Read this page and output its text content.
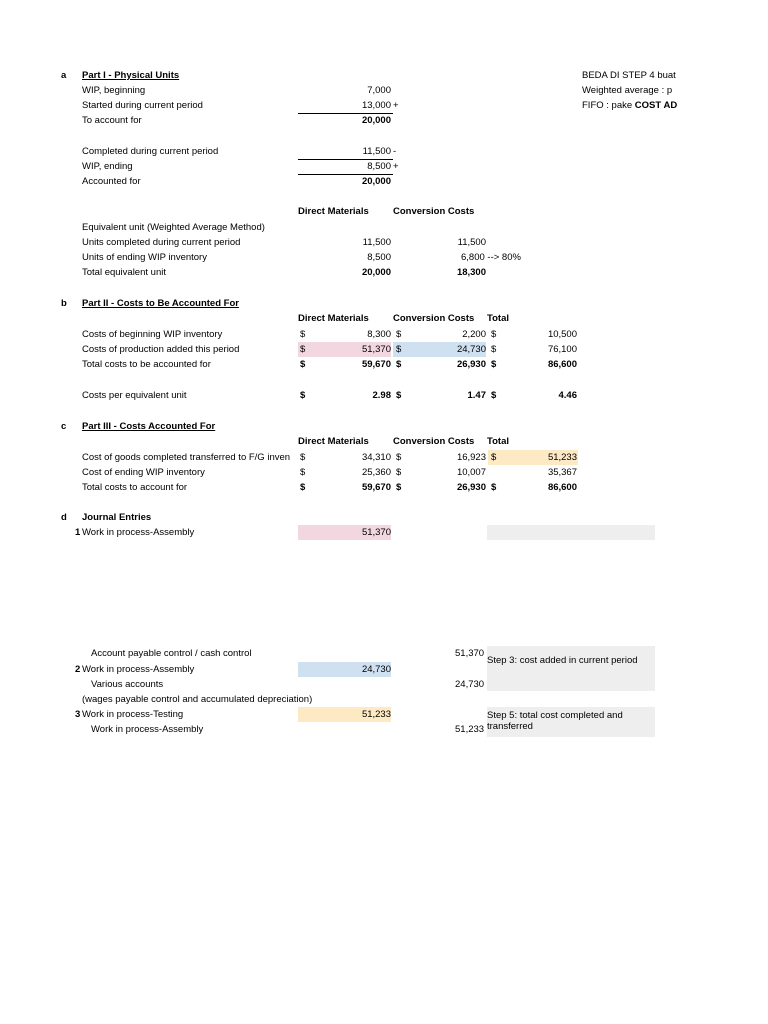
a
b
c
d
BEDA DI STEP 4 buat
Weighted average : p
FIFO : pake COST AD
Part I - Physical Units
WIP, beginning	7,000
Started during current period	13,000 +
To account for	20,000
Completed during current period	11,500 -
WIP, ending	8,500 +
Accounted for	20,000
Direct Materials	Conversion Costs
Equivalent unit (Weighted Average Method)
Units completed during current period	11,500	11,500
Units of ending WIP inventory	8,500	6,800 --> 80%
Total equivalent unit	20,000	18,300
Part II - Costs to Be Accounted For
Direct Materials	Conversion Costs Total
Costs of beginning WIP inventory	$	8,300 $	2,200 $	10,500
Costs of production added this period	$	51,370 $	24,730 $	76,100
Total costs to be accounted for	$	59,670 $	26,930 $	86,600
Costs per equivalent unit	$	2.98 $	1.47 $	4.46
Part III - Costs Accounted For
Direct Materials	Conversion Costs Total
Cost of goods completed transferred to F/G inven $	34,310 $	16,923 $	51,233
Cost of ending WIP inventory	$	25,360 $	10,007	35,367
Total costs to account for	$	59,670 $	26,930 $	86,600
Journal Entries
1 Work in process-Assembly	51,370
Step 3: cost added in current period
Account payable control / cash control	51,370
2 Work in process-Assembly	24,730
Various accounts	24,730
(wages payable control and accumulated depreciation)
Step 5: total cost completed and
transferred
3 Work in process-Testing	51,233
Work in process-Assembly	51,233
